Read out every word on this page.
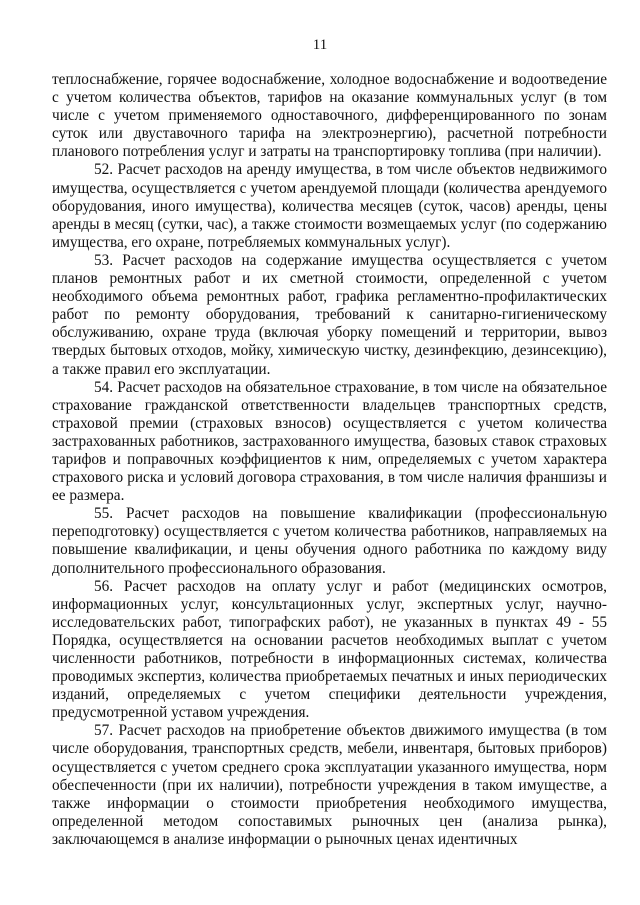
11

теплоснабжение, горячее водоснабжение, холодное водоснабжение и водоотведение с учетом количества объектов, тарифов на оказание коммунальных услуг (в том числе с учетом применяемого одноставочного, дифференцированного по зонам суток или двуставочного тарифа на электроэнергию), расчетной потребности планового потребления услуг и затраты на транспортировку топлива (при наличии).

52. Расчет расходов на аренду имущества, в том числе объектов недвижимого имущества, осуществляется с учетом арендуемой площади (количества арендуемого оборудования, иного имущества), количества месяцев (суток, часов) аренды, цены аренды в месяц (сутки, час), а также стоимости возмещаемых услуг (по содержанию имущества, его охране, потребляемых коммунальных услуг).

53. Расчет расходов на содержание имущества осуществляется с учетом планов ремонтных работ и их сметной стоимости, определенной с учетом необходимого объема ремонтных работ, графика регламентно-профилактических работ по ремонту оборудования, требований к санитарно-гигиеническому обслуживанию, охране труда (включая уборку помещений и территории, вывоз твердых бытовых отходов, мойку, химическую чистку, дезинфекцию, дезинсекцию), а также правил его эксплуатации.

54. Расчет расходов на обязательное страхование, в том числе на обязательное страхование гражданской ответственности владельцев транспортных средств, страховой премии (страховых взносов) осуществляется с учетом количества застрахованных работников, застрахованного имущества, базовых ставок страховых тарифов и поправочных коэффициентов к ним, определяемых с учетом характера страхового риска и условий договора страхования, в том числе наличия франшизы и ее размера.

55. Расчет расходов на повышение квалификации (профессиональную переподготовку) осуществляется с учетом количества работников, направляемых на повышение квалификации, и цены обучения одного работника по каждому виду дополнительного профессионального образования.

56. Расчет расходов на оплату услуг и работ (медицинских осмотров, информационных услуг, консультационных услуг, экспертных услуг, научно-исследовательских работ, типографских работ), не указанных в пунктах 49 - 55 Порядка, осуществляется на основании расчетов необходимых выплат с учетом численности работников, потребности в информационных системах, количества проводимых экспертиз, количества приобретаемых печатных и иных периодических изданий, определяемых с учетом специфики деятельности учреждения, предусмотренной уставом учреждения.

57. Расчет расходов на приобретение объектов движимого имущества (в том числе оборудования, транспортных средств, мебели, инвентаря, бытовых приборов) осуществляется с учетом среднего срока эксплуатации указанного имущества, норм обеспеченности (при их наличии), потребности учреждения в таком имуществе, а также информации о стоимости приобретения необходимого имущества, определенной методом сопоставимых рыночных цен (анализа рынка), заключающемся в анализе информации о рыночных ценах идентичных
